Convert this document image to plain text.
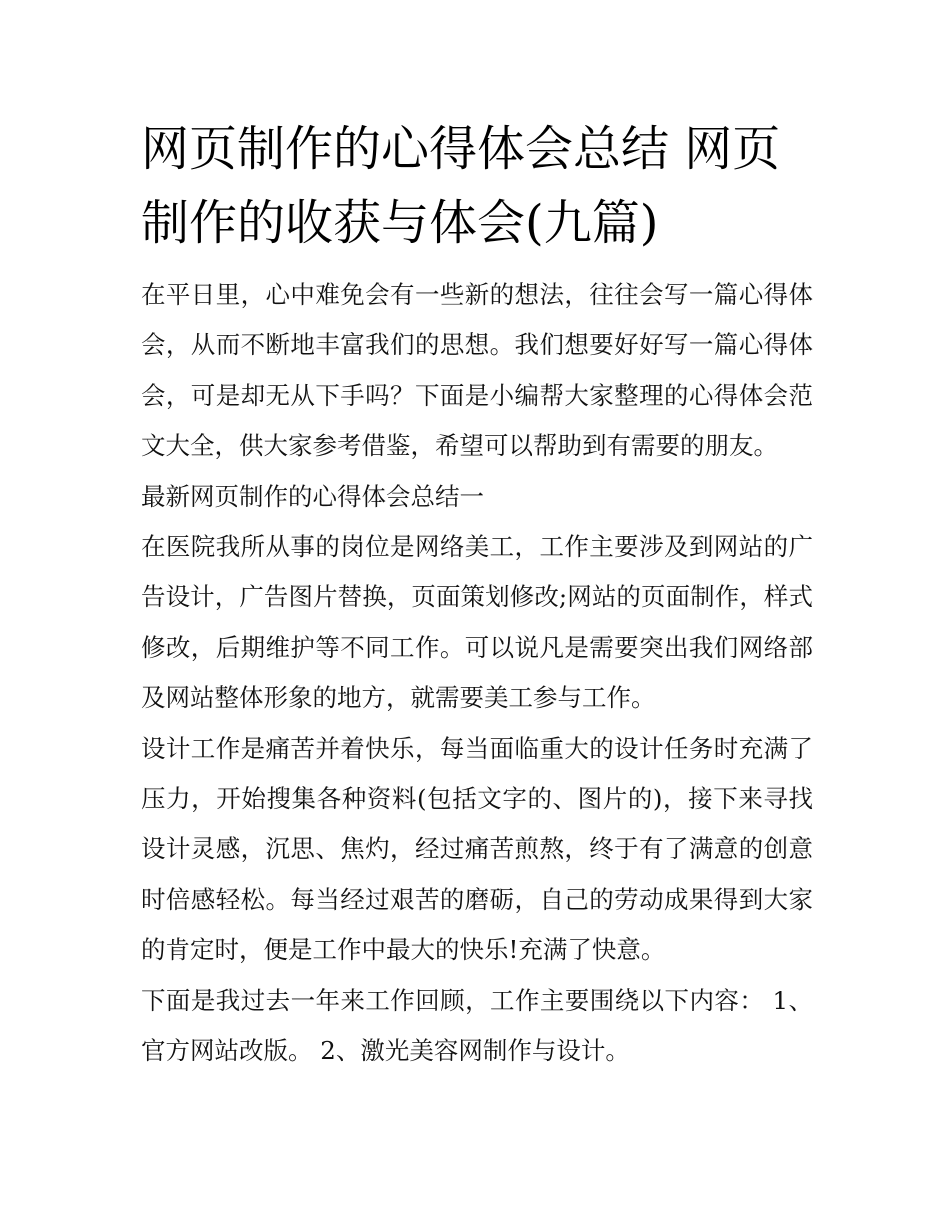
网页制作的心得体会总结 网页制作的收获与体会(九篇)

在平日里，心中难免会有一些新的想法，往往会写一篇心得体会，从而不断地丰富我们的思想。我们想要好好写一篇心得体会，可是却无从下手吗？下面是小编帮大家整理的心得体会范文大全，供大家参考借鉴，希望可以帮助到有需要的朋友。

最新网页制作的心得体会总结一

在医院我所从事的岗位是网络美工，工作主要涉及到网站的广告设计，广告图片替换，页面策划修改;网站的页面制作，样式修改，后期维护等不同工作。可以说凡是需要突出我们网络部及网站整体形象的地方，就需要美工参与工作。

设计工作是痛苦并着快乐，每当面临重大的设计任务时充满了压力，开始搜集各种资料(包括文字的、图片的)，接下来寻找设计灵感，沉思、焦灼，经过痛苦煎熬，终于有了满意的创意时倍感轻松。每当经过艰苦的磨砺，自己的劳动成果得到大家的肯定时，便是工作中最大的快乐!充满了快意。

下面是我过去一年来工作回顾，工作主要围绕以下内容： 1、官方网站改版。 2、激光美容网制作与设计。
